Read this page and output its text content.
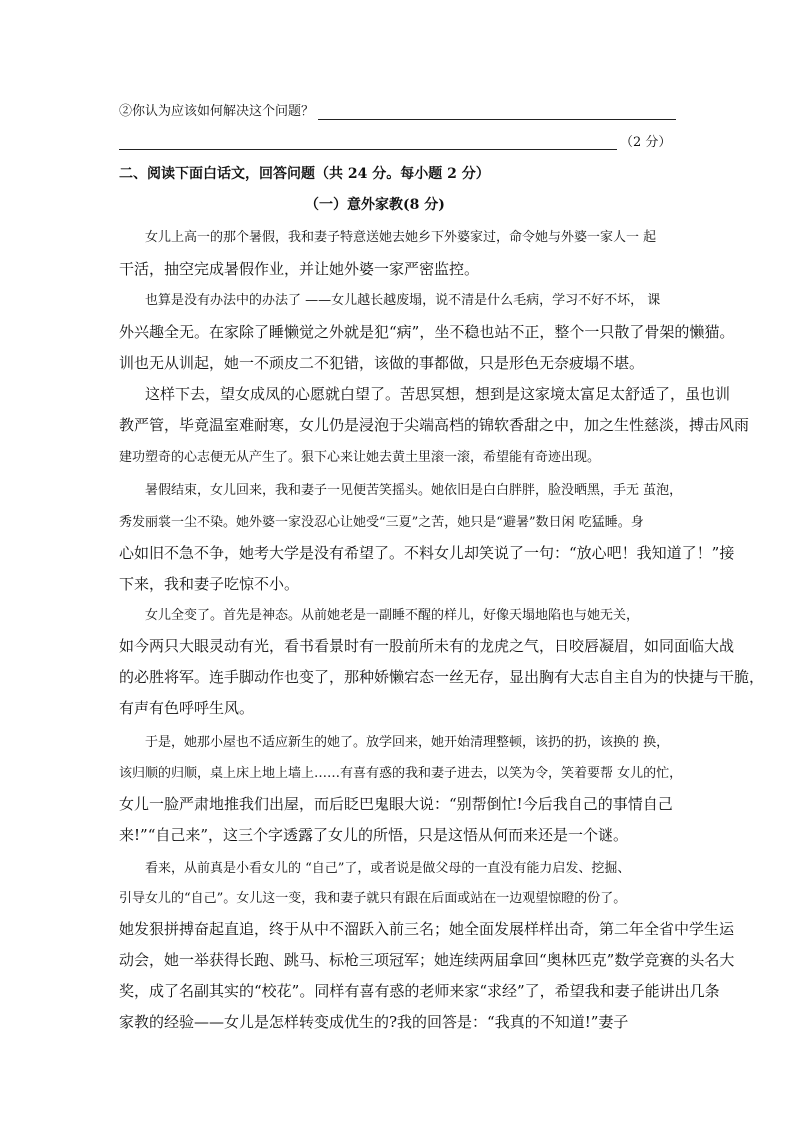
②你认为应该如何解决这个问题？
（2 分）
二、阅读下面白话文，回答问题（共 24 分。每小题 2 分）
（一）意外家教(8 分)
女儿上高一的那个暑假，我和妻子特意送她去她乡下外婆家过，命令她与外婆一家人一 起
干活，抽空完成暑假作业，并让她外婆一家严密监控。
也算是没有办法中的办法了 ——女儿越长越废塌，说不清是什么毛病，学习不好不坏， 课
外兴趣全无。在家除了睡懒觉之外就是犯“病”，坐不稳也站不正，整个一只散了骨架的懒猫。
训也无从训起，她一不顽皮二不犯错，该做的事都做，只是形色无奈疲塌不堪。
这样下去，望女成凤的心愿就白望了。苦思冥想，想到是这家境太富足太舒适了，虽也训
教严管，毕竟温室难耐寒，女儿仍是浸泡于尖端高档的锦软香甜之中，加之生性慈淡，搏击风雨
建功塑奇的心志便无从产生了。狠下心来让她去黄土里滚一滚，希望能有奇迹出现。
暑假结束，女儿回来，我和妻子一见便苦笑摇头。她依旧是白白胖胖，脸没晒黑，手无 茧泡，
秀发丽裳一尘不染。她外婆一家没忍心让她受“三夏”之苦，她只是“避暑”数日闲 吃猛睡。身
心如旧不急不争，她考大学是没有希望了。不料女儿却笑说了一句：“放心吧！我知道了！”接
下来，我和妻子吃惊不小。
女儿全变了。首先是神态。从前她老是一副睡不醒的样儿，好像天塌地陷也与她无关，
如今两只大眼灵动有光，看书看景时有一股前所未有的龙虎之气，日咬唇凝眉，如同面临大战
的必胜将军。连手脚动作也变了，那种娇懒宕态一丝无存，显出胸有大志自主自为的快捷与干脆，
有声有色呼呼生风。
于是，她那小屋也不适应新生的她了。放学回来，她开始清理整顿，该扔的扔，该换的 换，
该归顺的归顺，桌上床上地上墙上……有喜有惑的我和妻子进去，以笑为令，笑着要帮 女儿的忙，
女儿一脸严肃地推我们出屋，而后眨巴鬼眼大说：“别帮倒忙!今后我自己的事情自己
来!”“自己来”，这三个字透露了女儿的所悟，只是这悟从何而来还是一个谜。
看来，从前真是小看女儿的 “自己”了，或者说是做父母的一直没有能力启发、挖掘、
引导女儿的“自己”。女儿这一变，我和妻子就只有跟在后面或站在一边观望惊瞪的份了。
她发狠拼搏奋起直追，终于从中不溜跃入前三名；她全面发展样样出奇，第二年全省中学生运
动会，她一举获得长跑、跳马、标枪三项冠军；她连续两届拿回“奥林匹克”数学竞赛的头名大
奖，成了名副其实的“校花”。同样有喜有惑的老师来家“求经”了，希望我和妻子能讲出几条
家教的经验——女儿是怎样转变成优生的?我的回答是：“我真的不知道!”妻子
